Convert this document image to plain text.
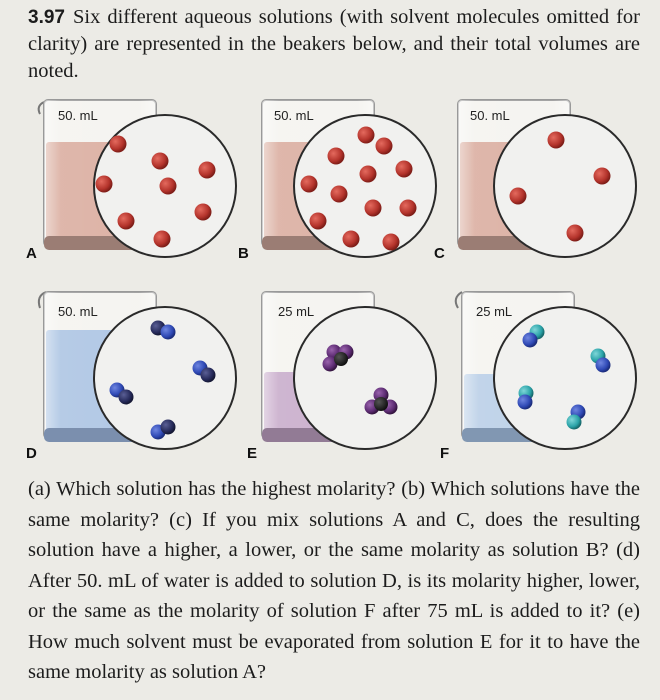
3.97 Six different aqueous solutions (with solvent molecules omitted for clarity) are represented in the beakers below, and their total volumes are noted.
50. mL
A
50. mL
B
50. mL
C
50. mL
D
25 mL
E
25 mL
F
(a) Which solution has the highest molarity? (b) Which solutions have the same molarity? (c) If you mix solutions A and C, does the resulting solution have a higher, a lower, or the same molarity as solution B? (d) After 50. mL of water is added to solution D, is its molarity higher, lower, or the same as the molarity of solution F after 75 mL is added to it? (e) How much solvent must be evaporated from solution E for it to have the same molarity as solution A?
